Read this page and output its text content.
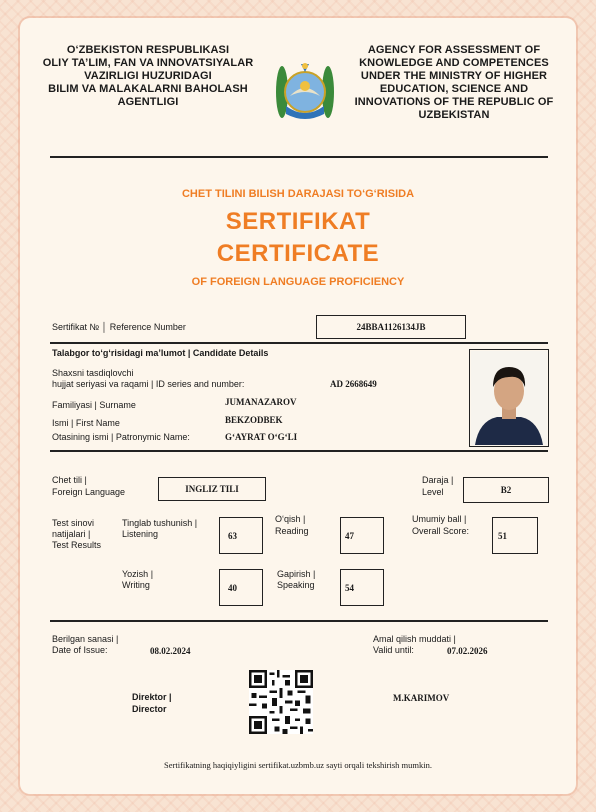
O‘ZBEKISTON RESPUBLIKASI
OLIY TA’LIM, FAN VA INNOVATSIYALAR
VAZIRLIGI HUZURIDAGI
BILIM VA MALAKALARNI BAHOLASH
AGENTLIGI
AGENCY FOR ASSESSMENT OF
KNOWLEDGE AND COMPETENCES
UNDER THE MINISTRY OF HIGHER
EDUCATION, SCIENCE AND
INNOVATIONS OF THE REPUBLIC OF
UZBEKISTAN
CHET TILINI BILISH DARAJASI TO‘G‘RISIDA
SERTIFIKAT
CERTIFICATE
OF FOREIGN LANGUAGE PROFICIENCY
Sertifikat № │ Reference Number	24BBA1126134JB
Talabgor to‘g‘risidagi ma’lumot | Candidate Details
Shaxsni tasdiqlovchi
hujjat seriyasi va raqami | ID series and number:	AD 2668649
Familiyasi | Surname	JUMANAZAROV
Ismi | First Name	BEKZODBEK
Otasining ismi | Patronymic Name:	G‘AYRAT O‘G‘LI
Chet tili |
Foreign Language	INGLIZ TILI
Daraja |
Level	B2
Test sinovi
natijalari |
Test Results
Tinglab tushunish |
Listening	63
O‘qish |
Reading	47
Umumiy ball |
Overall Score:	51
Yozish |
Writing	40
Gapirish |
Speaking	54
Berilgan sanasi |
Date of Issue:	08.02.2024
Amal qilish muddati |
Valid until:	07.02.2026
Direktor |
Director
M.KARIMOV
Sertifikatning haqiqiyligini sertifikat.uzbmb.uz sayti orqali tekshirish mumkin.
